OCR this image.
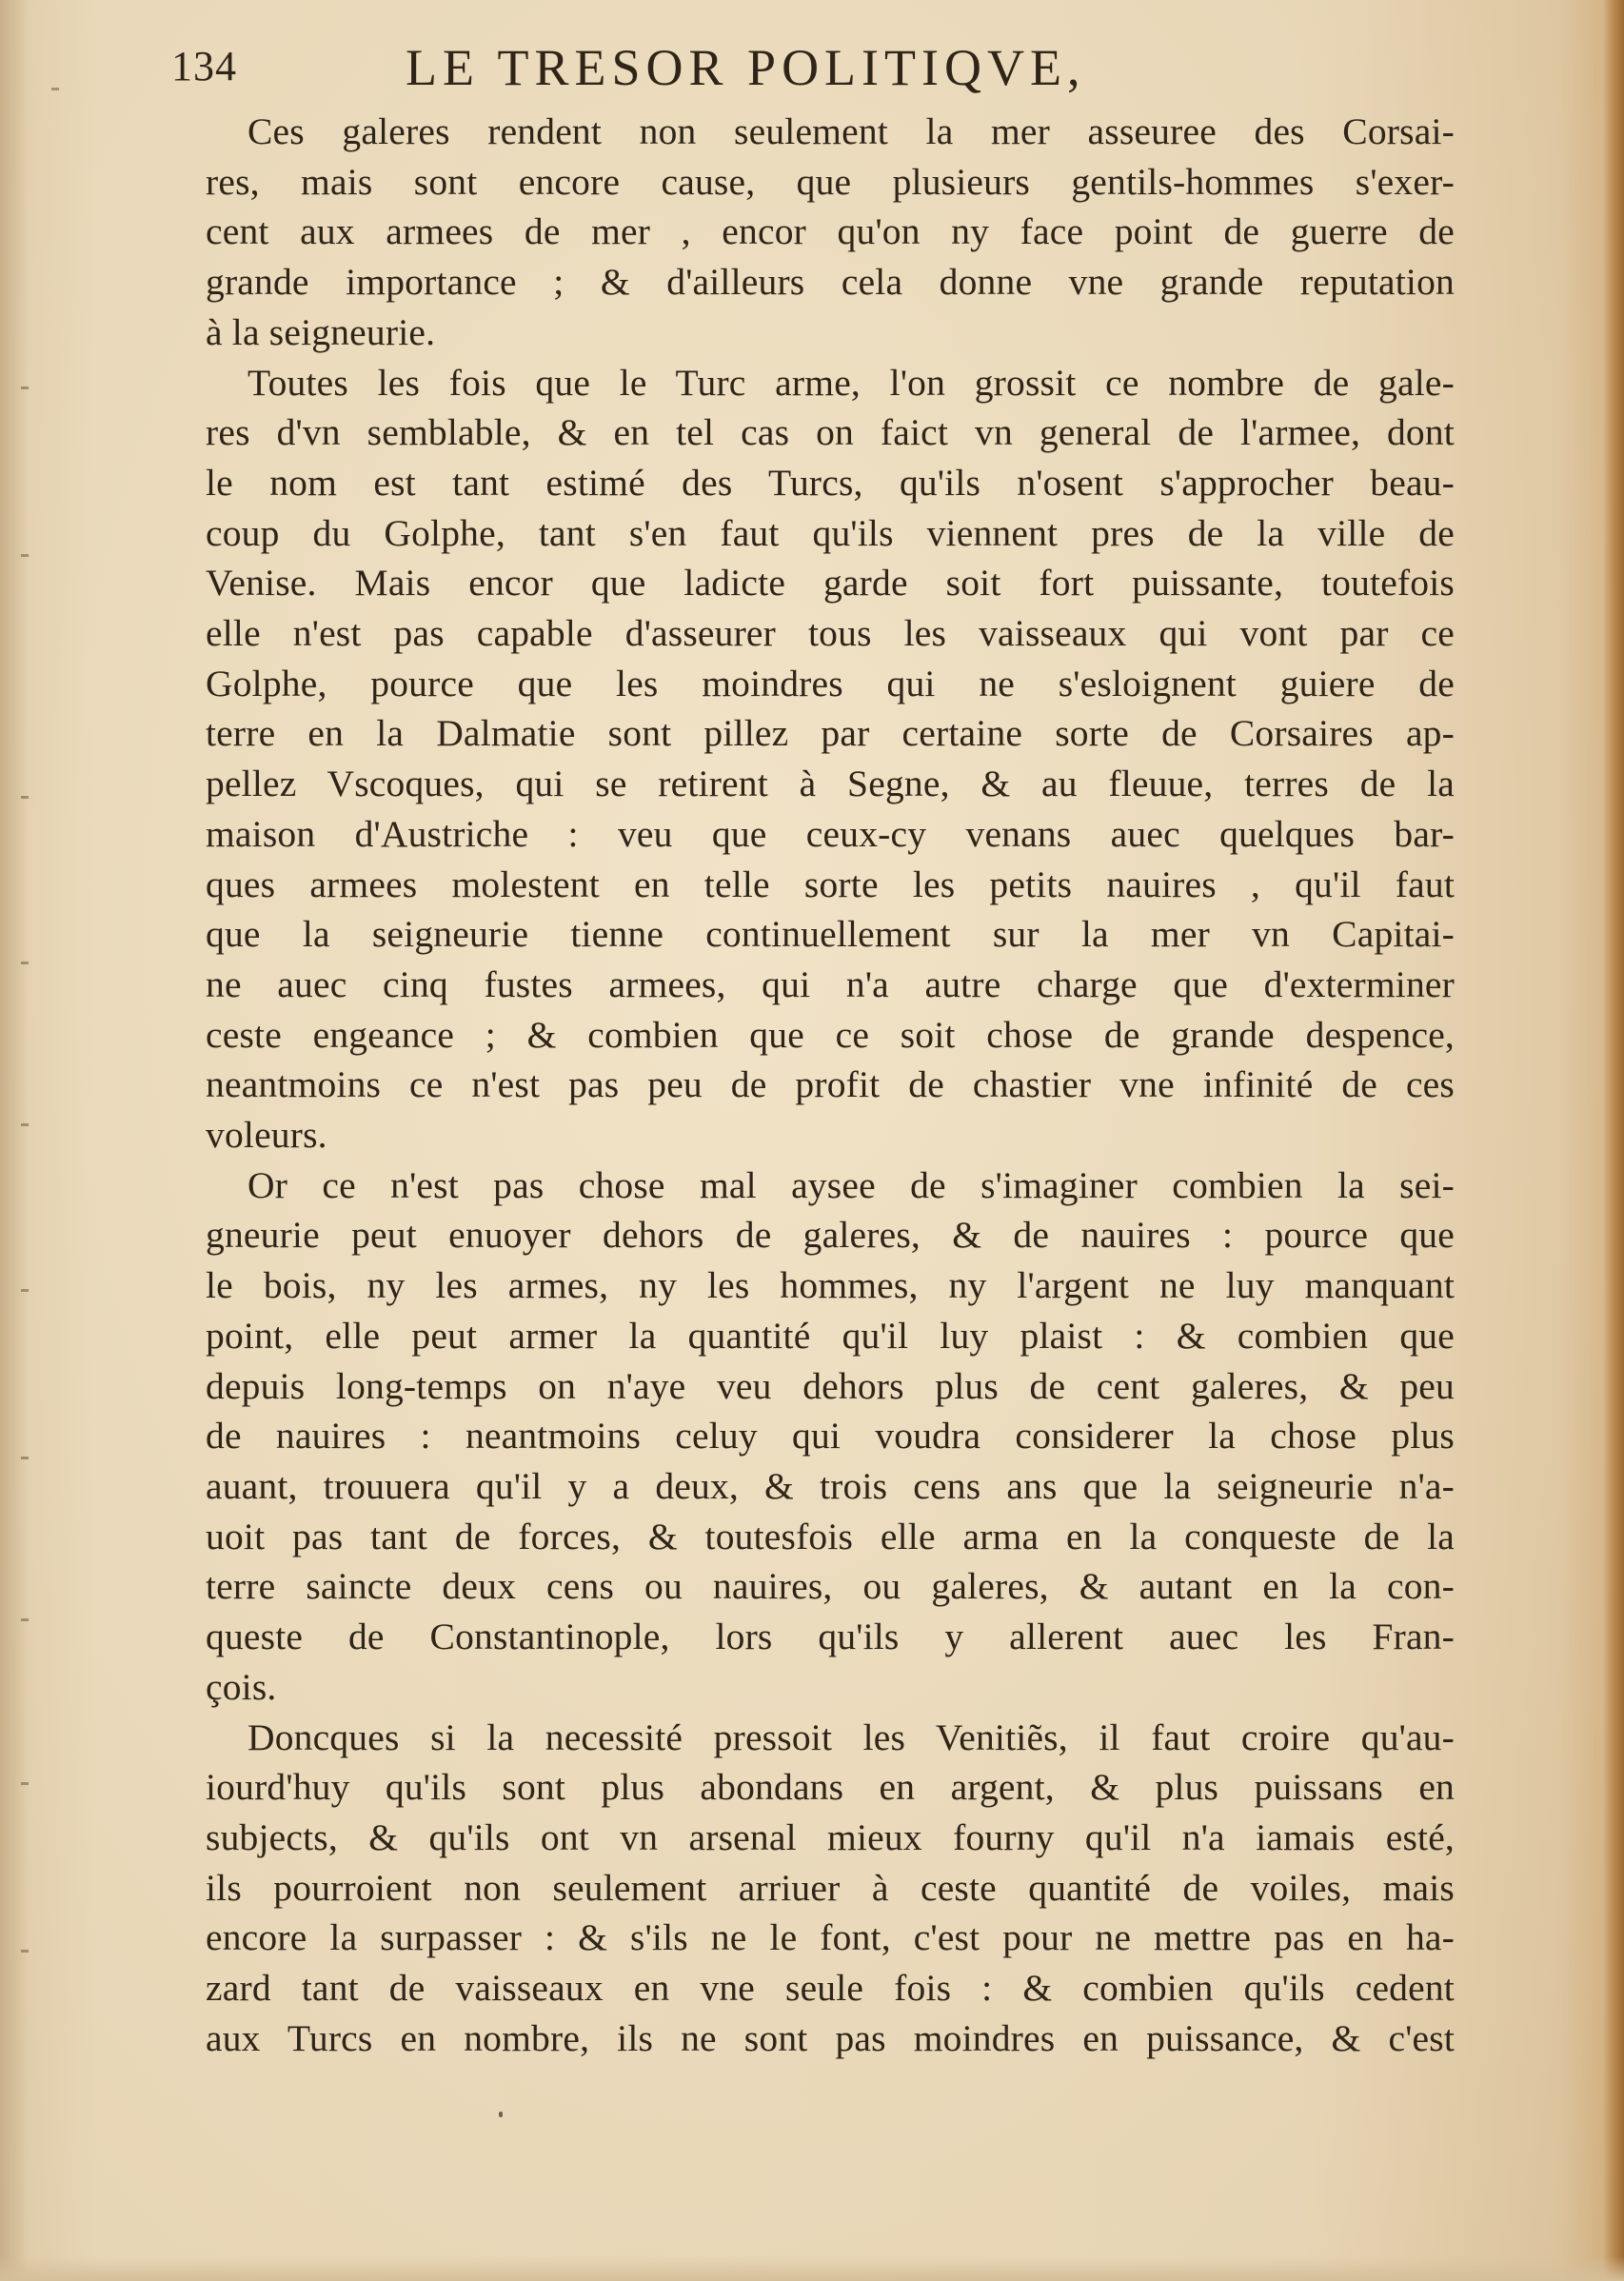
134	LE TRESOR POLITIQVE,

Ces galeres rendent non seulement la mer asseuree des Corsai-
res, mais sont encore cause, que plusieurs gentils-hommes s'exer-
cent aux armees de mer , encor qu'on ny face point de guerre de
grande importance ; & d'ailleurs cela donne vne grande reputation
à la seigneurie.

Toutes les fois que le Turc arme, l'on grossit ce nombre de gale-
res d'vn semblable, & en tel cas on faict vn general de l'armee, dont
le nom est tant estimé des Turcs, qu'ils n'osent s'approcher beau-
coup du Golphe, tant s'en faut qu'ils viennent pres de la ville de
Venise. Mais encor que ladicte garde soit fort puissante, toutefois
elle n'est pas capable d'asseurer tous les vaisseaux qui vont par ce
Golphe, pource que les moindres qui ne s'esloignent guiere de
terre en la Dalmatie sont pillez par certaine sorte de Corsaires ap-
pellez Vscoques, qui se retirent à Segne, & au fleuue, terres de la
maison d'Austriche : veu que ceux-cy venans auec quelques bar-
ques armees molestent en telle sorte les petits nauires , qu'il faut
que la seigneurie tienne continuellement sur la mer vn Capitai-
ne auec cinq fustes armees, qui n'a autre charge que d'exterminer
ceste engeance ; & combien que ce soit chose de grande despence,
neantmoins ce n'est pas peu de profit de chastier vne infinité de ces
voleurs.

Or ce n'est pas chose mal aysee de s'imaginer combien la sei-
gneurie peut enuoyer dehors de galeres, & de nauires : pource que
le bois, ny les armes, ny les hommes, ny l'argent ne luy manquant
point, elle peut armer la quantité qu'il luy plaist : & combien que
depuis long-temps on n'aye veu dehors plus de cent galeres, & peu
de nauires : neantmoins celuy qui voudra considerer la chose plus
auant, trouuera qu'il y a deux, & trois cens ans que la seigneurie n'a-
uoit pas tant de forces, & toutesfois elle arma en la conqueste de la
terre saincte deux cens ou nauires, ou galeres, & autant en la con-
queste de Constantinople, lors qu'ils y allerent auec les Fran-
çois.

Doncques si la necessité pressoit les Venitiẽs, il faut croire qu'au-
iourd'huy qu'ils sont plus abondans en argent, & plus puissans en
subjects, & qu'ils ont vn arsenal mieux fourny qu'il n'a iamais esté,
ils pourroient non seulement arriuer à ceste quantité de voiles, mais
encore la surpasser : & s'ils ne le font, c'est pour ne mettre pas en ha-
zard tant de vaisseaux en vne seule fois : & combien qu'ils cedent
aux Turcs en nombre, ils ne sont pas moindres en puissance, & c'est
